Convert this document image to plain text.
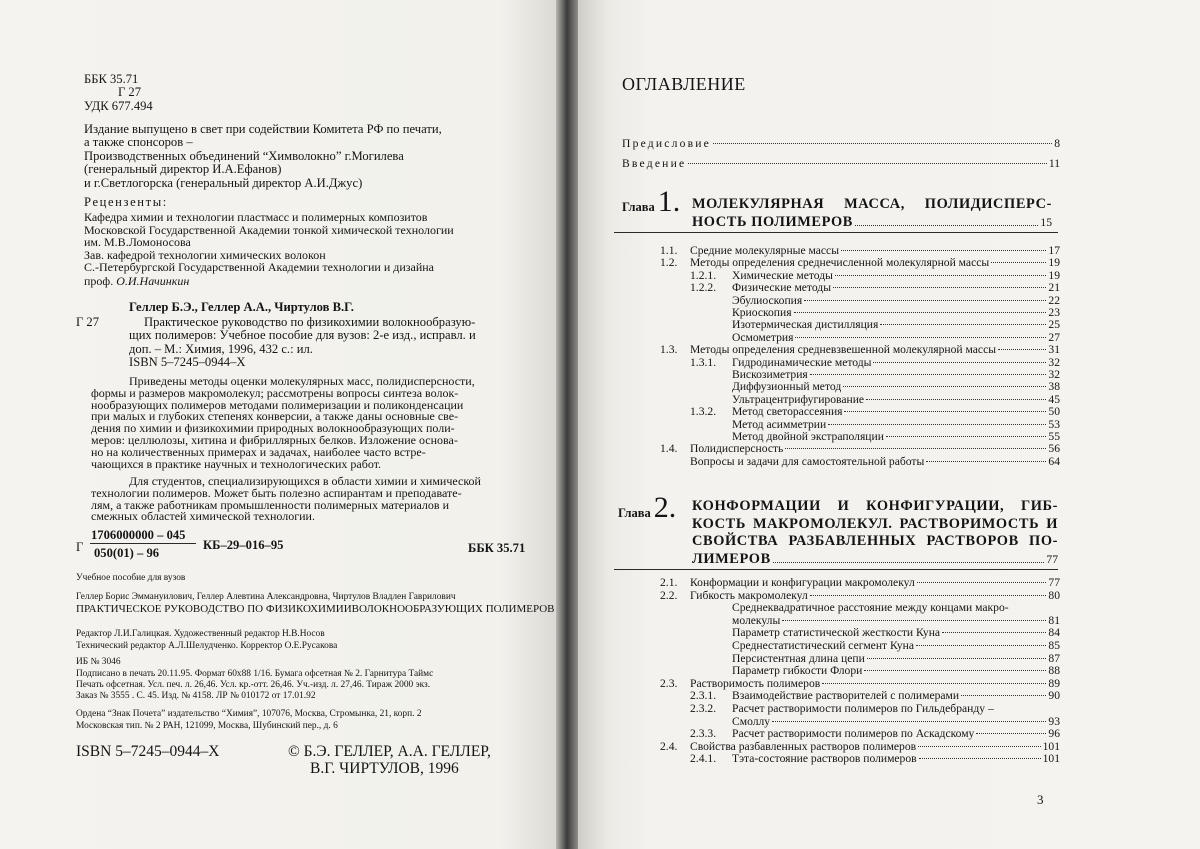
ББК 35.71
Г 27
УДК 677.494
Издание выпущено в свет при содействии Комитета РФ по печати,
а также спонсоров –
Производственных объединений “Химволокно” г.Могилева
(генеральный директор И.А.Ефанов)
и г.Светлогорска (генеральный директор А.И.Джус)
Рецензенты:
Кафедра химии и технологии пластмасс и полимерных композитов
Московской Государственной Академии тонкой химической технологии
им. М.В.Ломоносова
Зав. кафедрой технологии химических волокон
С.-Петербургской Государственной Академии технологии и дизайна
проф. О.И.Начинкин
Геллер Б.Э., Геллер А.А., Чиртулов В.Г.
Г 27	Практическое руководство по физикохимии волокнообразую-
щих полимеров: Учебное пособие для вузов: 2-е изд., исправл. и
доп. – М.: Химия, 1996, 432 с.: ил.
ISBN 5–7245–0944–Х
Приведены методы оценки молекулярных масс, полидисперсности,
формы и размеров макромолекул; рассмотрены вопросы синтеза волок-
нообразующих полимеров методами полимеризации и поликонденсации
при малых и глубоких степенях конверсии, а также даны основные све-
дения по химии и физикохимии природных волокнообразующих поли-
меров: целлюлозы, хитина и фибриллярных белков. Изложение основа-
но на количественных примерах и задачах, наиболее часто встре-
чающихся в практике научных и технологических работ.
Для студентов, специализирующихся в области химии и химической
технологии полимеров. Может быть полезно аспирантам и преподавате-
лям, а также работникам промышленности полимерных материалов и
смежных областей химической технологии.
Г
1706000000 – 045
050(01) – 96
КБ–29–016–95	ББК 35.71
Учебное пособие для вузов
Геллер Борис Эммануилович, Геллер Алевтина Александровна, Чиртулов Владлен Гаврилович
ПРАКТИЧЕСКОЕ РУКОВОДСТВО ПО ФИЗИКОХИМИИВОЛОКНООБРАЗУЮЩИХ ПОЛИМЕРОВ
Редактор Л.И.Галицкая. Художественный редактор Н.В.Носов
Технический редактор А.Л.Шелудченко. Корректор О.Е.Русакова
ИБ № 3046
Подписано в печать 20.11.95. Формат 60х88 1/16. Бумага офсетная № 2. Гарнитура Таймс
Печать офсетная. Усл. печ. л. 26,46. Усл. кр.-отт. 26,46. Уч.-изд. л. 27,46. Тираж 2000 экз.
Заказ № 3555 . С. 45. Изд. № 4158. ЛР № 010172 от 17.01.92
Ордена “Знак Почета” издательство “Химия”, 107076, Москва, Стромынка, 21, корп. 2
Московская тип. № 2 РАН, 121099, Москва, Шубинский пер., д. 6
ISBN 5–7245–0944–Х	© Б.Э. ГЕЛЛЕР, А.А. ГЕЛЛЕР,
В.Г. ЧИРТУЛОВ, 1996
ОГЛАВЛЕНИЕ
Предисловие	8
Введение	11
Глава 1. МОЛЕКУЛЯРНАЯ МАССА, ПОЛИДИСПЕРС-
НОСТЬ ПОЛИМЕРОВ	15
1.1.	Средние молекулярные массы	17
1.2.	Методы определения среднечисленной молекулярной массы	19
1.2.1.	Химические методы	19
1.2.2.	Физические методы	21
Эбулиоскопия	22
Криоскопия	23
Изотермическая дистилляция	25
Осмометрия	27
1.3.	Методы определения средневзвешенной молекулярной массы	31
1.3.1.	Гидродинамические методы	32
Вискозиметрия	32
Диффузионный метод	38
Ультрацентрифугирование	45
1.3.2.	Метод светорассеяния	50
Метод асимметрии	53
Метод двойной экстраполяции	55
1.4.	Полидисперсность	56
Вопросы и задачи для самостоятельной работы	64
Глава 2. КОНФОРМАЦИИ И КОНФИГУРАЦИИ, ГИБ-
КОСТЬ МАКРОМОЛЕКУЛ. РАСТВОРИМОСТЬ И
СВОЙСТВА РАЗБАВЛЕННЫХ РАСТВОРОВ ПО-
ЛИМЕРОВ	77
2.1.	Конформации и конфигурации макромолекул	77
2.2.	Гибкость макромолекул	80
Среднеквадратичное расстояние между концами макро-
молекулы	81
Параметр статистической жесткости Куна	84
Среднестатистический сегмент Куна	85
Персистентная длина цепи	87
Параметр гибкости Флори	88
2.3.	Растворимость полимеров	89
2.3.1.	Взаимодействие растворителей с полимерами	90
2.3.2.	Расчет растворимости полимеров по Гильдебранду –
Смоллу	93
2.3.3.	Расчет растворимости полимеров по Аскадскому	96
2.4.	Свойства разбавленных растворов полимеров	101
2.4.1.	Тэта-состояние растворов полимеров	101
3
